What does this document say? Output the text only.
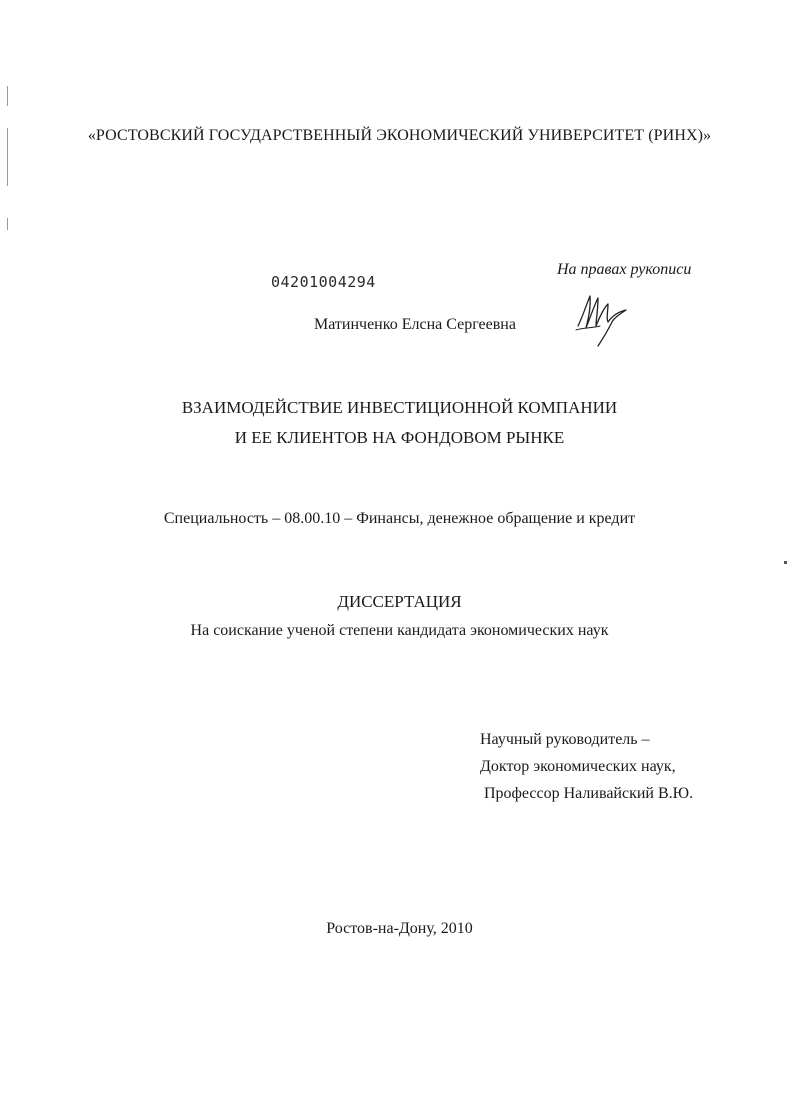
«РОСТОВСКИЙ ГОСУДАРСТВЕННЫЙ ЭКОНОМИЧЕСКИЙ УНИВЕРСИТЕТ (РИНХ)»
04201004294
На правах рукописи
Матинченко Елсна Сергеевна
ВЗАИМОДЕЙСТВИЕ ИНВЕСТИЦИОННОЙ КОМПАНИИ
И ЕЕ КЛИЕНТОВ НА ФОНДОВОМ РЫНКЕ
Специальность – 08.00.10 – Финансы, денежное обращение и кредит
ДИССЕРТАЦИЯ
На соискание ученой степени кандидата экономических наук
Научный руководитель –
Доктор экономических наук,
Профессор Наливайский В.Ю.
Ростов-на-Дону, 2010
